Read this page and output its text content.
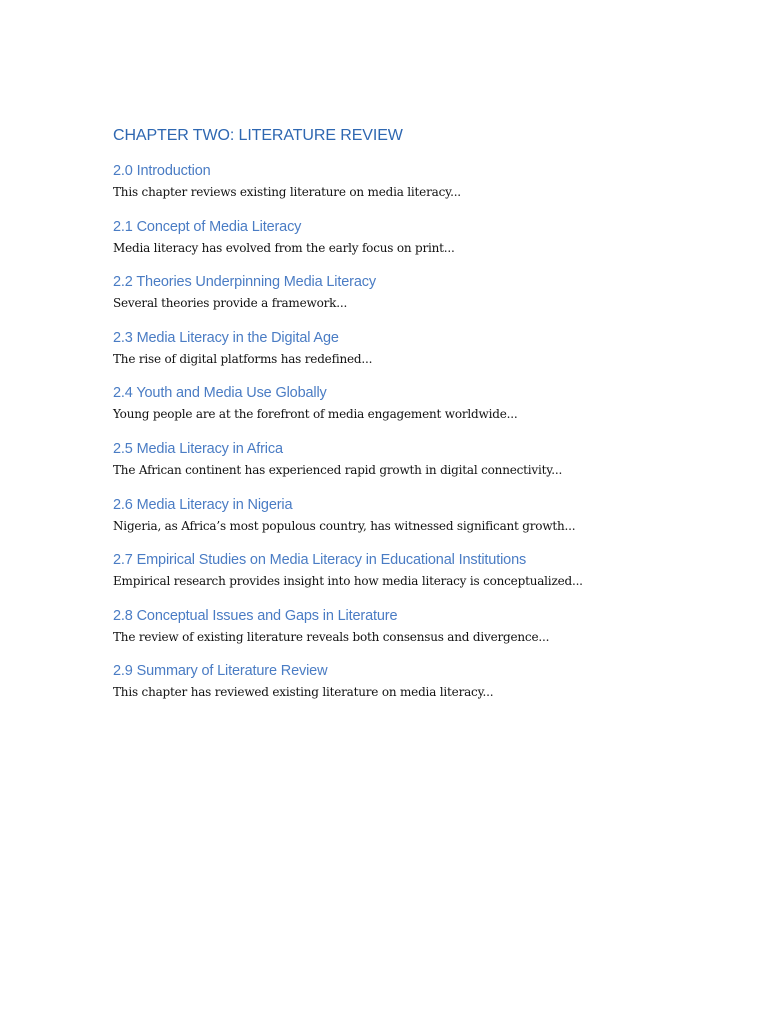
CHAPTER TWO: LITERATURE REVIEW
2.0 Introduction

This chapter reviews existing literature on media literacy...

2.1 Concept of Media Literacy

Media literacy has evolved from the early focus on print...

2.2 Theories Underpinning Media Literacy

Several theories provide a framework...

2.3 Media Literacy in the Digital Age

The rise of digital platforms has redefined...

2.4 Youth and Media Use Globally

Young people are at the forefront of media engagement worldwide...

2.5 Media Literacy in Africa

The African continent has experienced rapid growth in digital connectivity...

2.6 Media Literacy in Nigeria

Nigeria, as Africa’s most populous country, has witnessed significant growth...

2.7 Empirical Studies on Media Literacy in Educational Institutions

Empirical research provides insight into how media literacy is conceptualized...

2.8 Conceptual Issues and Gaps in Literature

The review of existing literature reveals both consensus and divergence...

2.9 Summary of Literature Review

This chapter has reviewed existing literature on media literacy...
